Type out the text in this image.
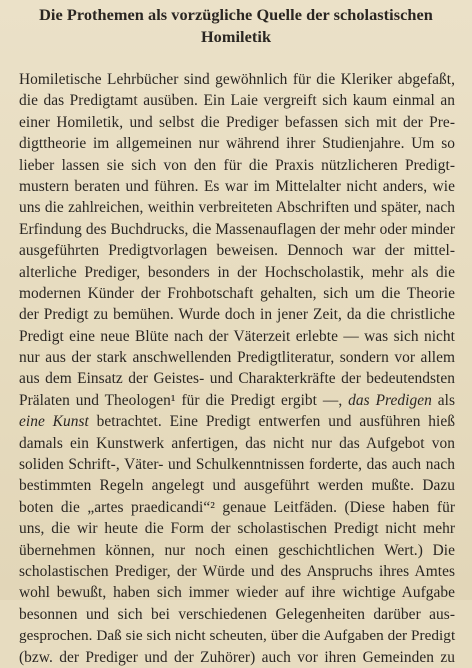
Die Prothemen als vorzügliche Quelle der scholastischen
Homiletik
Homiletische Lehrbücher sind gewöhnlich für die Kleriker abgefaßt,
die das Predigtamt ausüben. Ein Laie vergreift sich kaum einmal an
einer Homiletik, und selbst die Prediger befassen sich mit der Pre-
digttheorie im allgemeinen nur während ihrer Studienjahre. Um so
lieber lassen sie sich von den für die Praxis nützlicheren Predigt-
mustern beraten und führen. Es war im Mittelalter nicht anders, wie
uns die zahlreichen, weithin verbreiteten Abschriften und später, nach
Erfindung des Buchdrucks, die Massenauflagen der mehr oder minder
ausgeführten Predigtvorlagen beweisen. Dennoch war der mittel-
alterliche Prediger, besonders in der Hochscholastik, mehr als die
modernen Künder der Frohbotschaft gehalten, sich um die Theorie
der Predigt zu bemühen. Wurde doch in jener Zeit, da die christliche
Predigt eine neue Blüte nach der Väterzeit erlebte — was sich nicht
nur aus der stark anschwellenden Predigtliteratur, sondern vor allem
aus dem Einsatz der Geistes- und Charakterkräfte der bedeutendsten
Prälaten und Theologen¹ für die Predigt ergibt —, das Predigen als
eine Kunst betrachtet. Eine Predigt entwerfen und ausführen hieß
damals ein Kunstwerk anfertigen, das nicht nur das Aufgebot von
soliden Schrift-, Väter- und Schulkenntnissen forderte, das auch nach
bestimmten Regeln angelegt und ausgeführt werden mußte. Dazu
boten die „artes praedicandi“² genaue Leitfäden. (Diese haben für
uns, die wir heute die Form der scholastischen Predigt nicht mehr
übernehmen können, nur noch einen geschichtlichen Wert.) Die
scholastischen Prediger, der Würde und des Anspruchs ihres Amtes
wohl bewußt, haben sich immer wieder auf ihre wichtige Aufgabe
besonnen und sich bei verschiedenen Gelegenheiten darüber aus-
gesprochen. Daß sie sich nicht scheuten, über die Aufgaben der Predigt
(bzw. der Prediger und der Zuhörer) auch vor ihren Gemeinden zu
